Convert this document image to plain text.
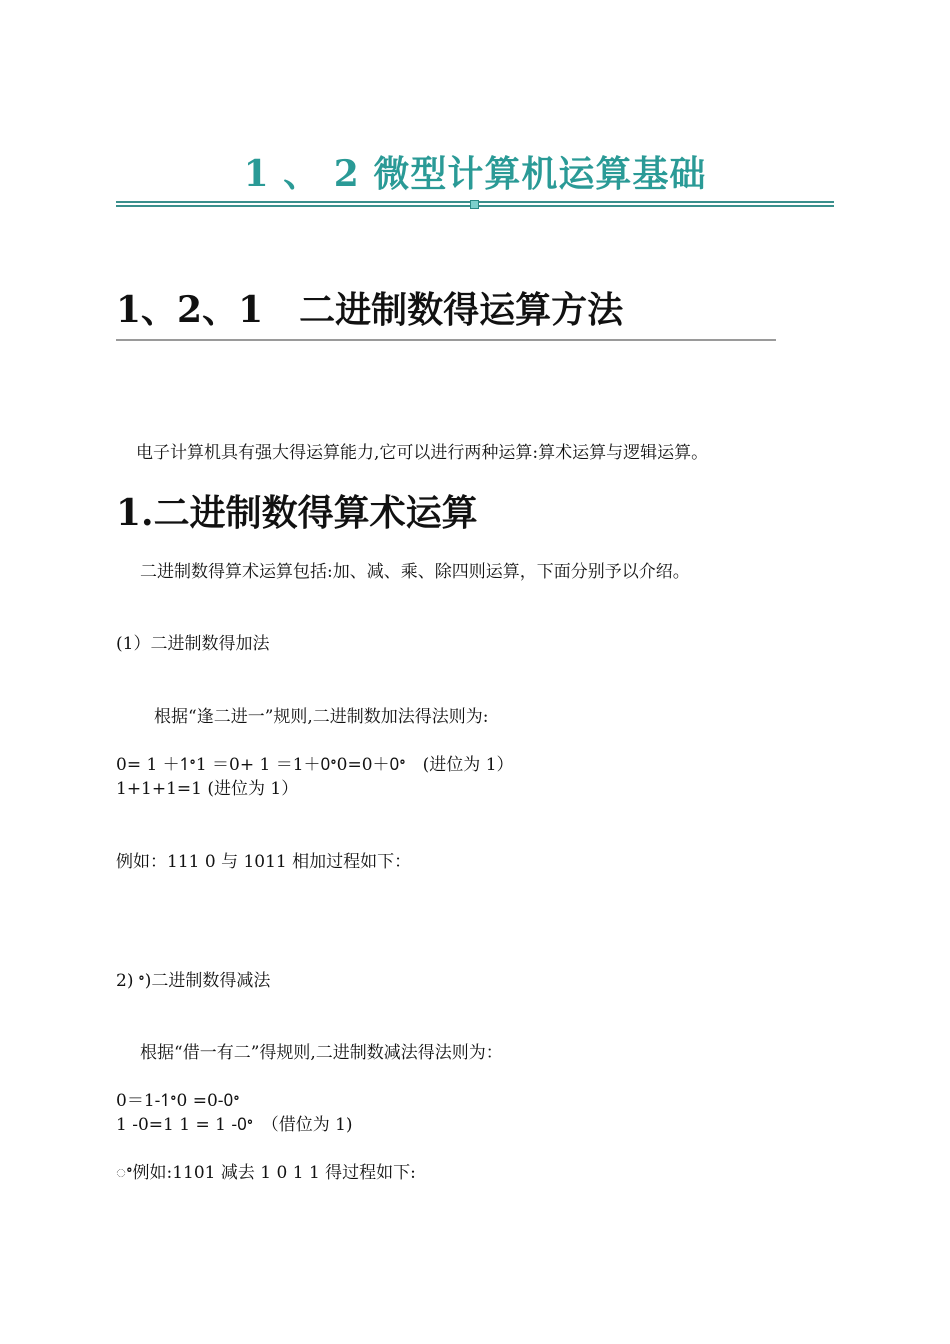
1 、 2 微型计算机运算基础
1、2、1　二进制数得运算方法
电子计算机具有强大得运算能力,它可以进行两种运算:算术运算与逻辑运算。
1.二进制数得算术运算
二进制数得算术运算包括:加、减、乘、除四则运算，下面分别予以介绍。
(1）二进制数得加法
根据“逢二进一”规则,二进制数加法得法则为:
0= 1 ＋1ꢀ1 ＝0+ 1 ＝1＋0ꢀ0=0＋0ꢀ　(进位为 1）
1+1+1=1 (进位为 1）
例如：111 0 与 1011 相加过程如下：
2) ꢀ)二进制数得减法
根据“借一有二”得规则,二进制数减法得法则为：
0＝1-1ꢀ0 =0-0ꢀ
1 -0=1 1 = 1 -0ꢀ　（借位为 1)
ꢀ例如:1101 减去 1 0 1 1 得过程如下:
